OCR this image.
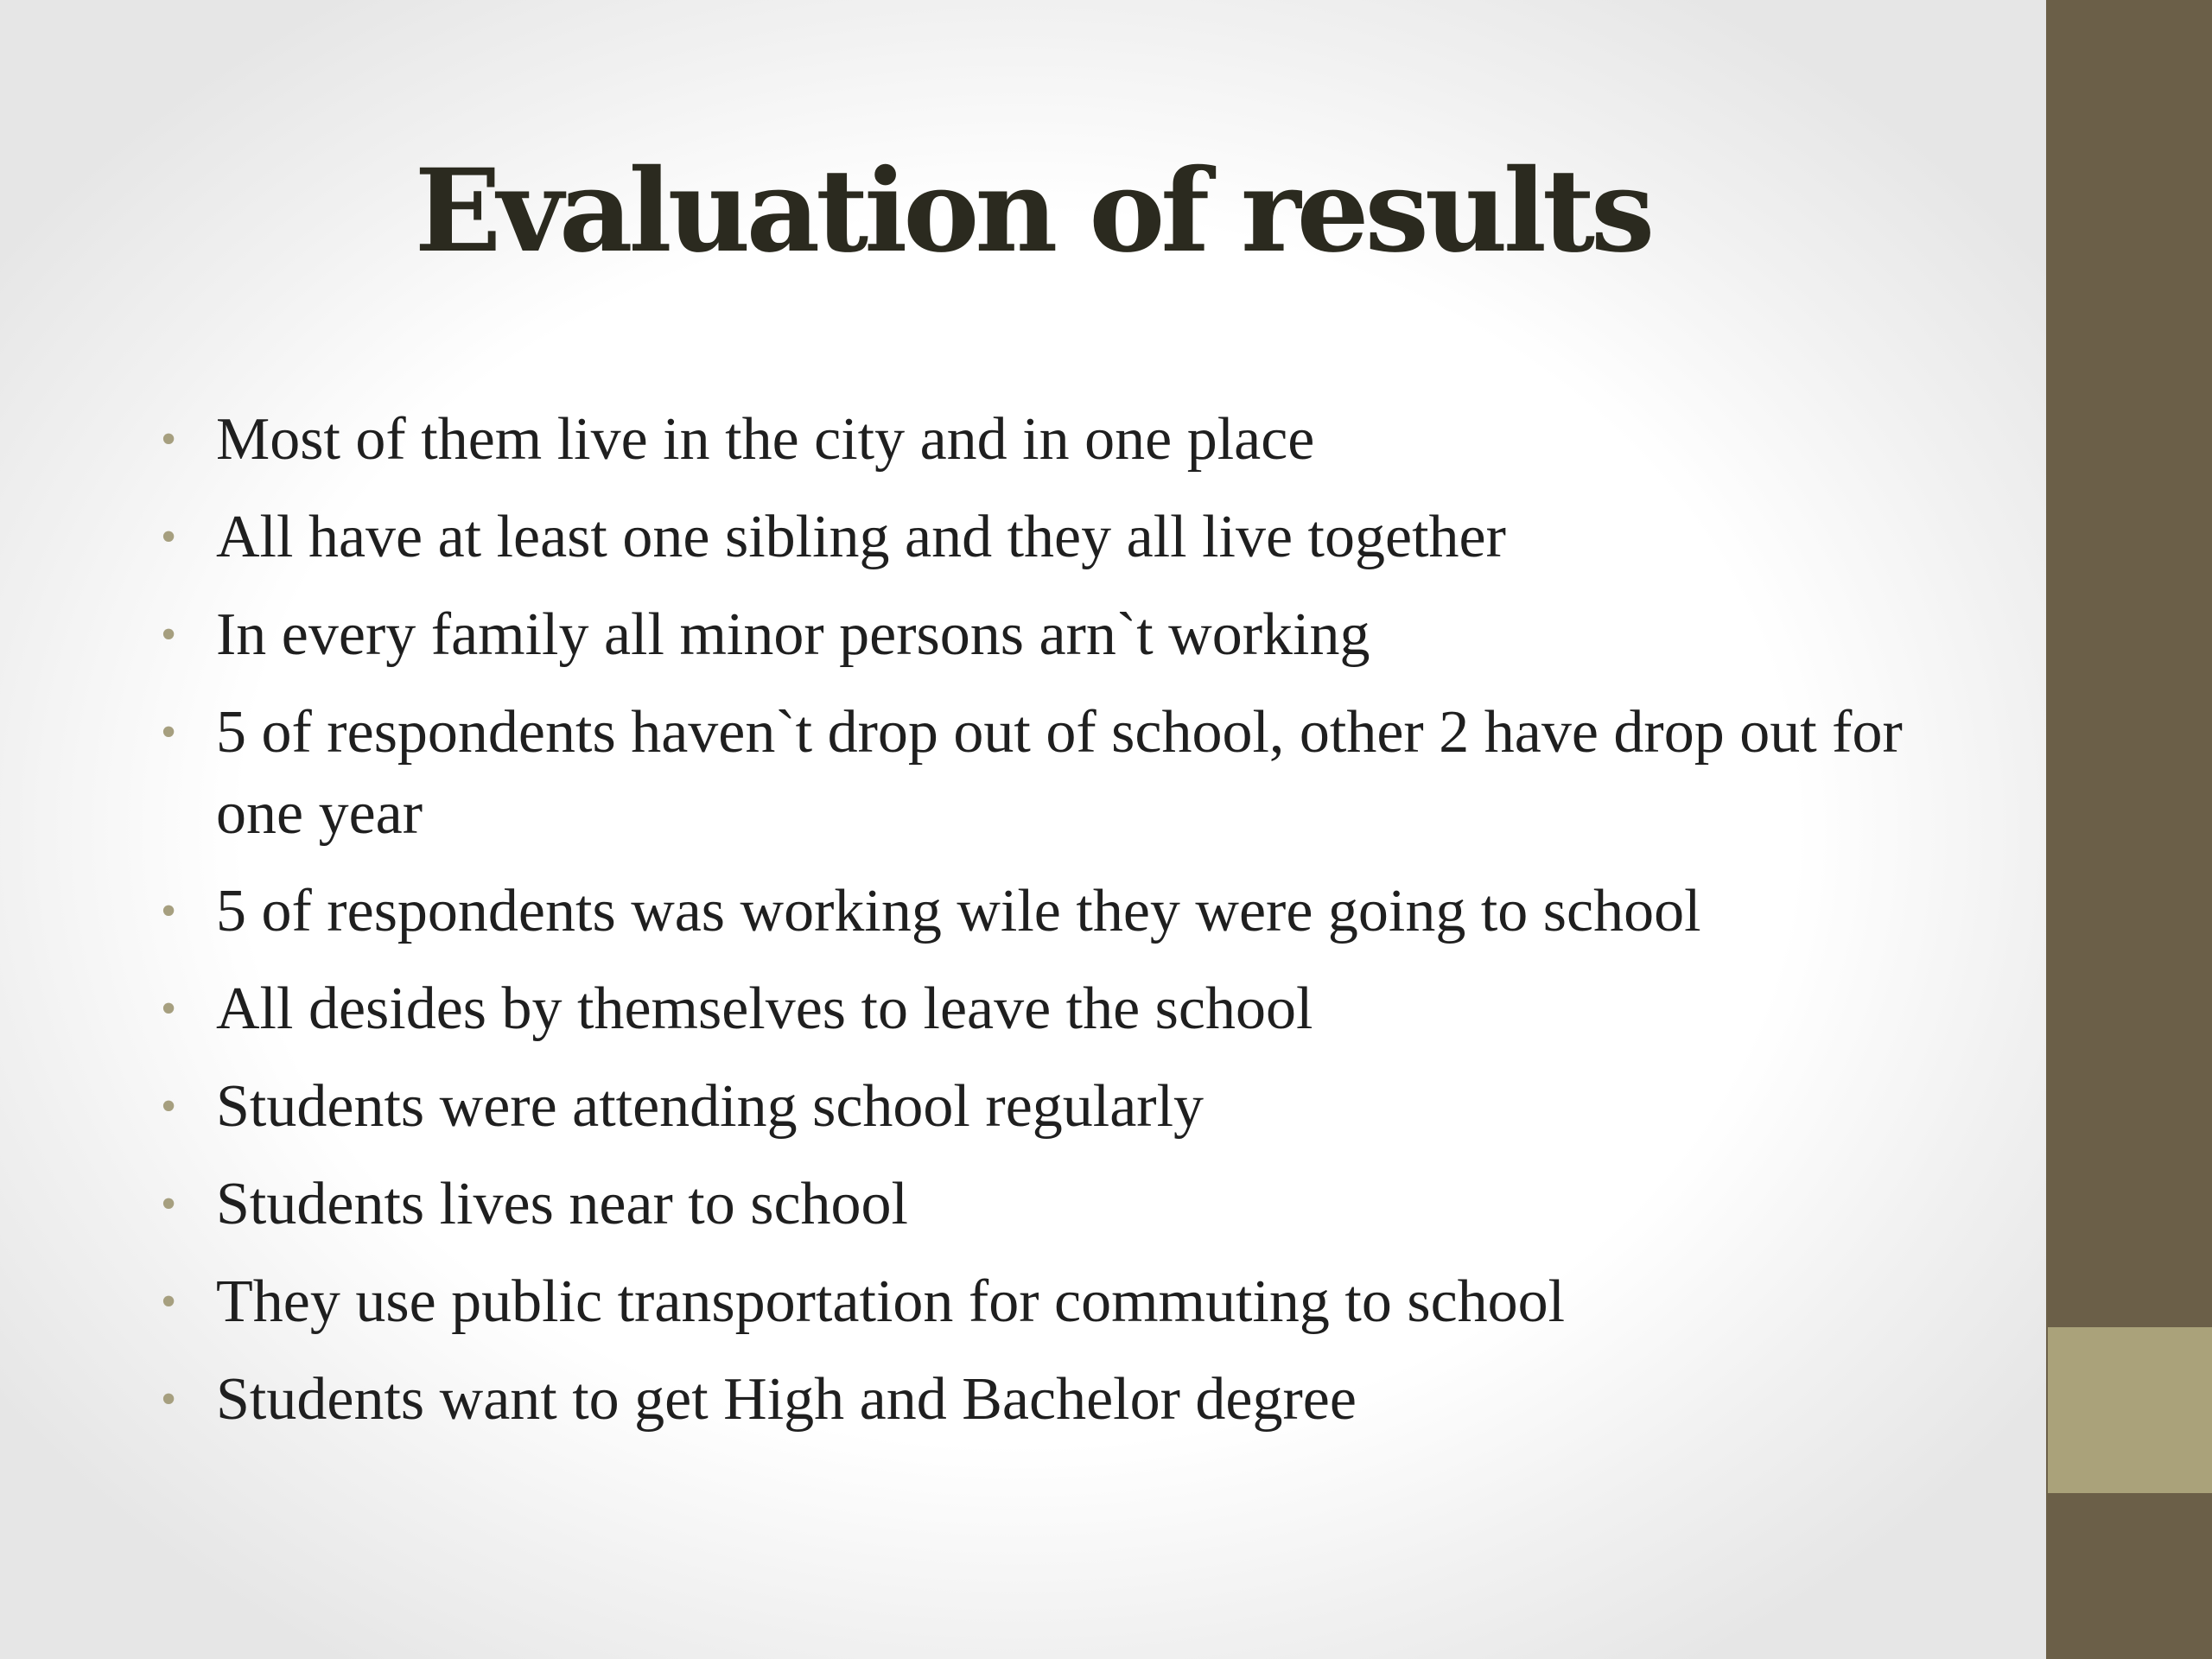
Evaluation of results
• Most of them live in the city and in one place
• All have at least one sibling and they all live together
• In every family all minor persons arn`t working
• 5 of respondents haven`t drop out of school, other 2 have drop out for one year
• 5 of respondents was working wile they were going to school
• All desides by themselves to leave the school
• Students were attending school regularly
• Students lives near to school
• They use public transportation for commuting to school
• Students want to get High and Bachelor degree
